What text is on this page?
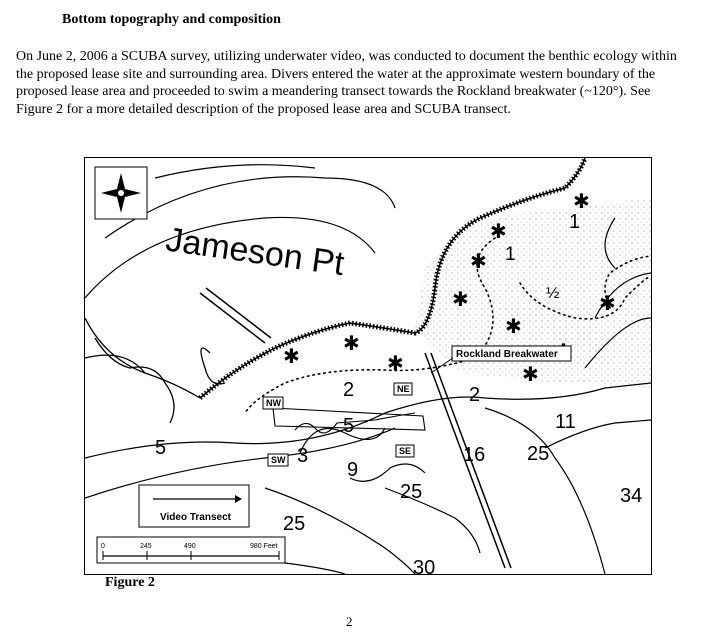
Bottom topography and composition
On June 2, 2006 a SCUBA survey, utilizing underwater video, was conducted to document the benthic ecology within the proposed lease site and surrounding area. Divers entered the water at the approximate western boundary of the proposed lease area and proceeded to swim a meandering transect towards the Rockland breakwater (~120°). See Figure 2 for a more detailed description of the proposed lease area and SCUBA transect.
✱
✱
✱
✱
✱
✱
✱
✱
✱
✱
Jameson Pt
NW
NE
SW
SE
Rockland Breakwater
1
1
½
2	2
5
5
3
9
16 25
25
25
30
34
11
Video Transect
0	245	490	980 Feet
Figure 2
2
